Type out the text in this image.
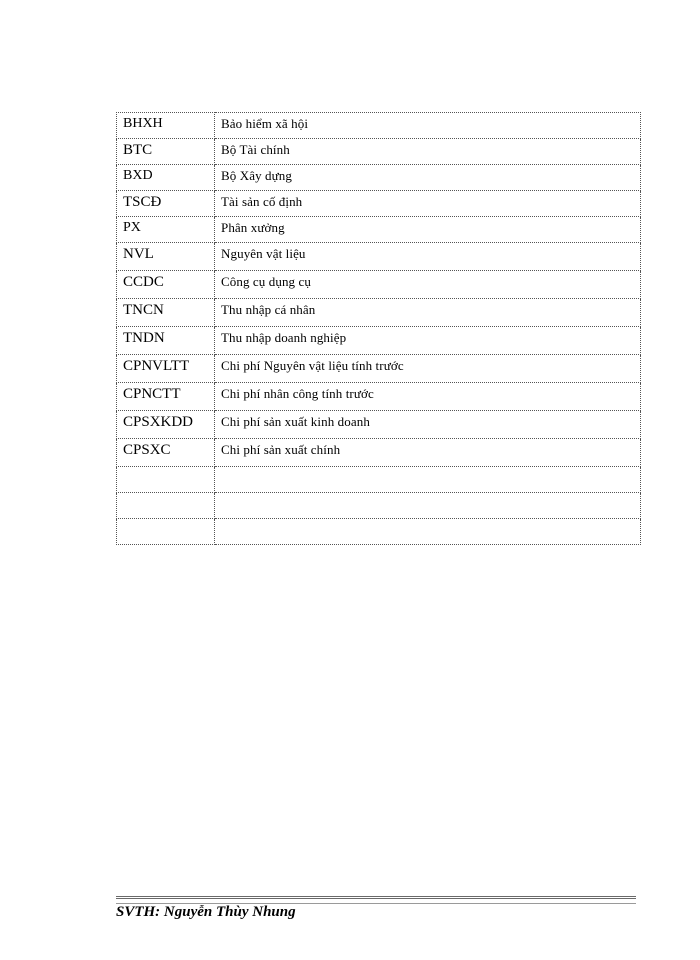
BHXH	Bảo hiểm xã hội
BTC	Bộ Tài chính
BXD	Bộ Xây dựng
TSCĐ	Tài sản cố định
PX	Phân xưởng
NVL	Nguyên vật liệu
CCDC	Công cụ dụng cụ
TNCN	Thu nhập cá nhân
TNDN	Thu nhập doanh nghiệp
CPNVLTT	Chi phí Nguyên vật liệu tính trước
CPNCTT	Chi phí nhân công tính trước
CPSXKDD	Chi phí sản xuất kinh doanh
CPSXC	Chi phí sản xuất chính

SVTH: Nguyễn Thùy Nhung
